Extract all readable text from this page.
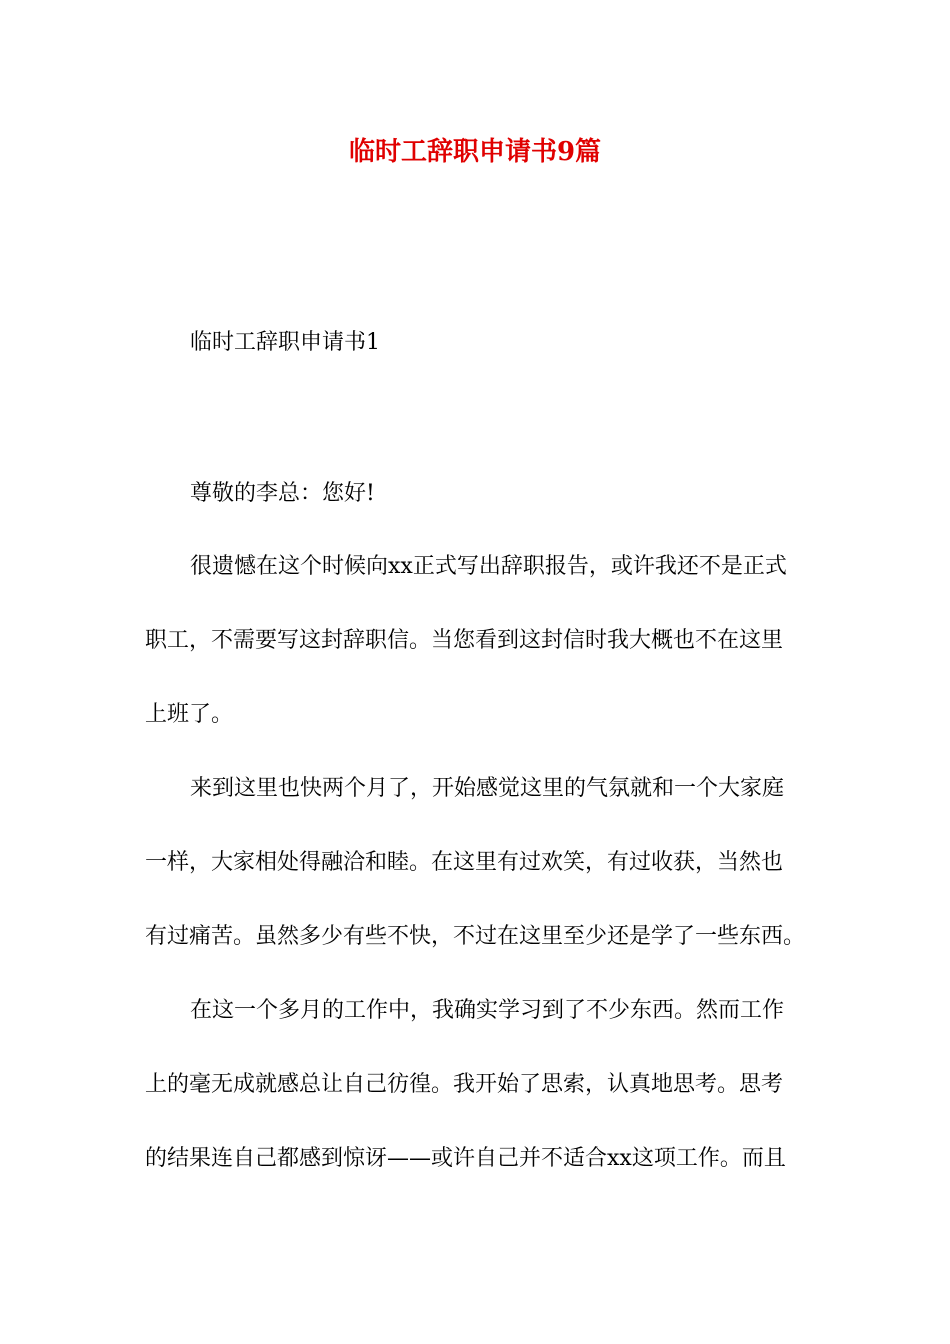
临时工辞职申请书9篇
临时工辞职申请书1
尊敬的李总：您好!
很遗憾在这个时候向xx正式写出辞职报告，或许我还不是正式
职工，不需要写这封辞职信。当您看到这封信时我大概也不在这里
上班了。
来到这里也快两个月了，开始感觉这里的气氛就和一个大家庭
一样，大家相处得融洽和睦。在这里有过欢笑，有过收获，当然也
有过痛苦。虽然多少有些不快，不过在这里至少还是学了一些东西。
在这一个多月的工作中，我确实学习到了不少东西。然而工作
上的毫无成就感总让自己彷徨。我开始了思索，认真地思考。思考
的结果连自己都感到惊讶——或许自己并不适合xx这项工作。而且
